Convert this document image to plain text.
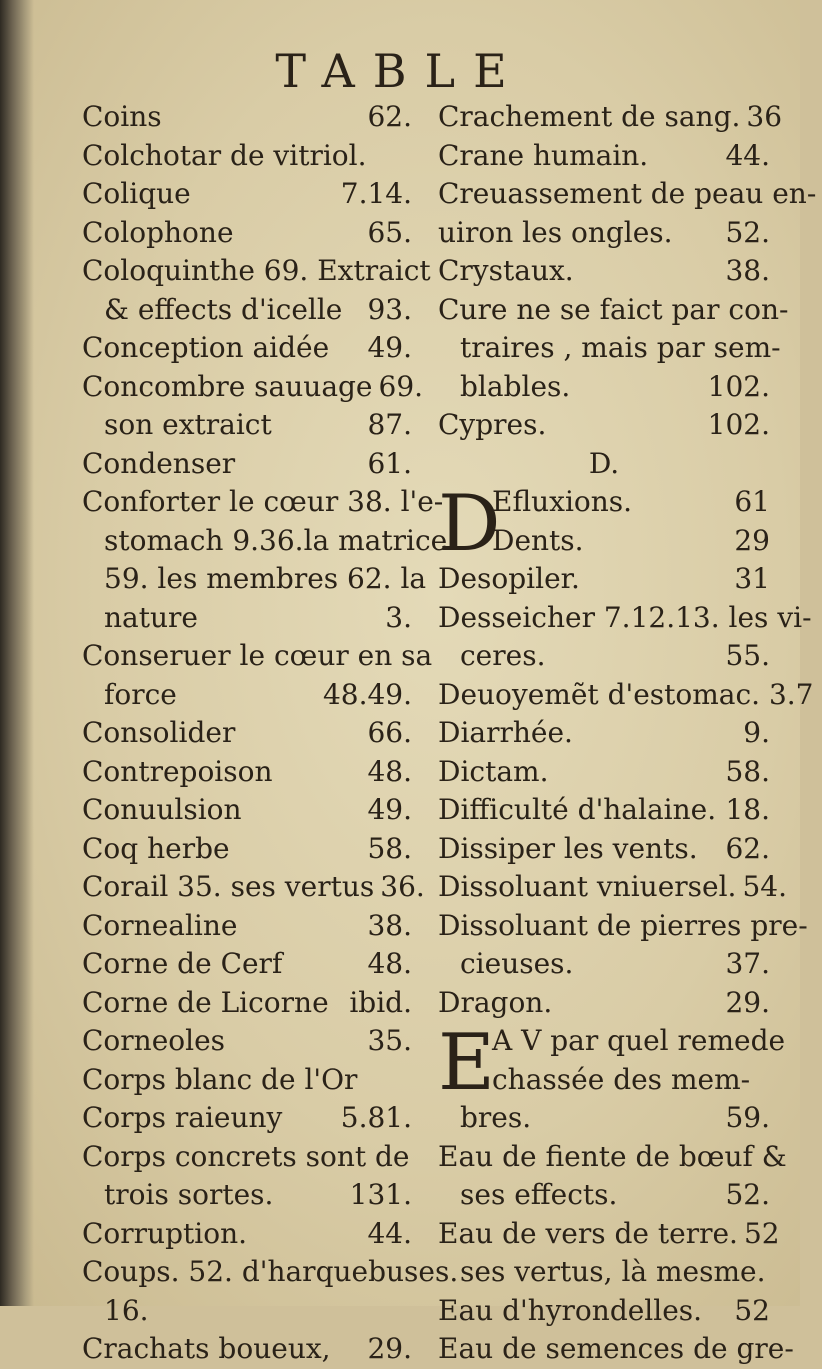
TABLE
Coins	62.
Colchotar de vitriol.
Colique	7.14.
Colophone	65.
Coloquinthe 69. Extraict
& effects d'icelle 93.
Conception aidée 49.
Concombre sauuage 69.
son extraict	87.
Condenser	61.
Conforter le cœur 38. l'e-
stomach 9.36.la matrice
59. les membres 62. la
nature	3.
Conseruer le cœur en sa
force	48.49.
Consolider	66.
Contrepoison	48.
Conuulsion	49.
Coq herbe	58.
Corail 35. ses vertus 36.
Cornealine	38.
Corne de Cerf	48.
Corne de Licorne ibid.
Corneoles	35.
Corps blanc de l'Or
Corps raieuny 5.81.
Corps concrets sont de
trois sortes.	131.
Corruption.	44.
Coups. 52. d'harquebuses.
16.
Crachats boueux, 29.
Crachement de sang. 36
Crane humain.	44.
Creuassement de peau en-
uiron les ongles. 52.
Crystaux.	38.
Cure ne se faict par con-
traires , mais par sem-
blables.	102.
Cypres.	102.
D.
D
Efluxions.	61
Dents.	29
Desopiler.	31
Desseicher 7.12.13. les vi-
ceres.	55.
Deuoyemẽt d'estomac. 3.7
Diarrhée.	9.
Dictam.	58.
Difficulté d'halaine. 18.
Dissiper les vents. 62.
Dissoluant vniuersel. 54.
Dissoluant de pierres pre-
cieuses.	37.
Dragon.	29.
E
A V par quel remede
chassée des mem-
bres.	59.
Eau de fiente de bœuf &
ses effects.	52.
Eau de vers de terre. 52
ses vertus, là mesme.
Eau d'hyrondelles. 52
Eau de semences de gre-
